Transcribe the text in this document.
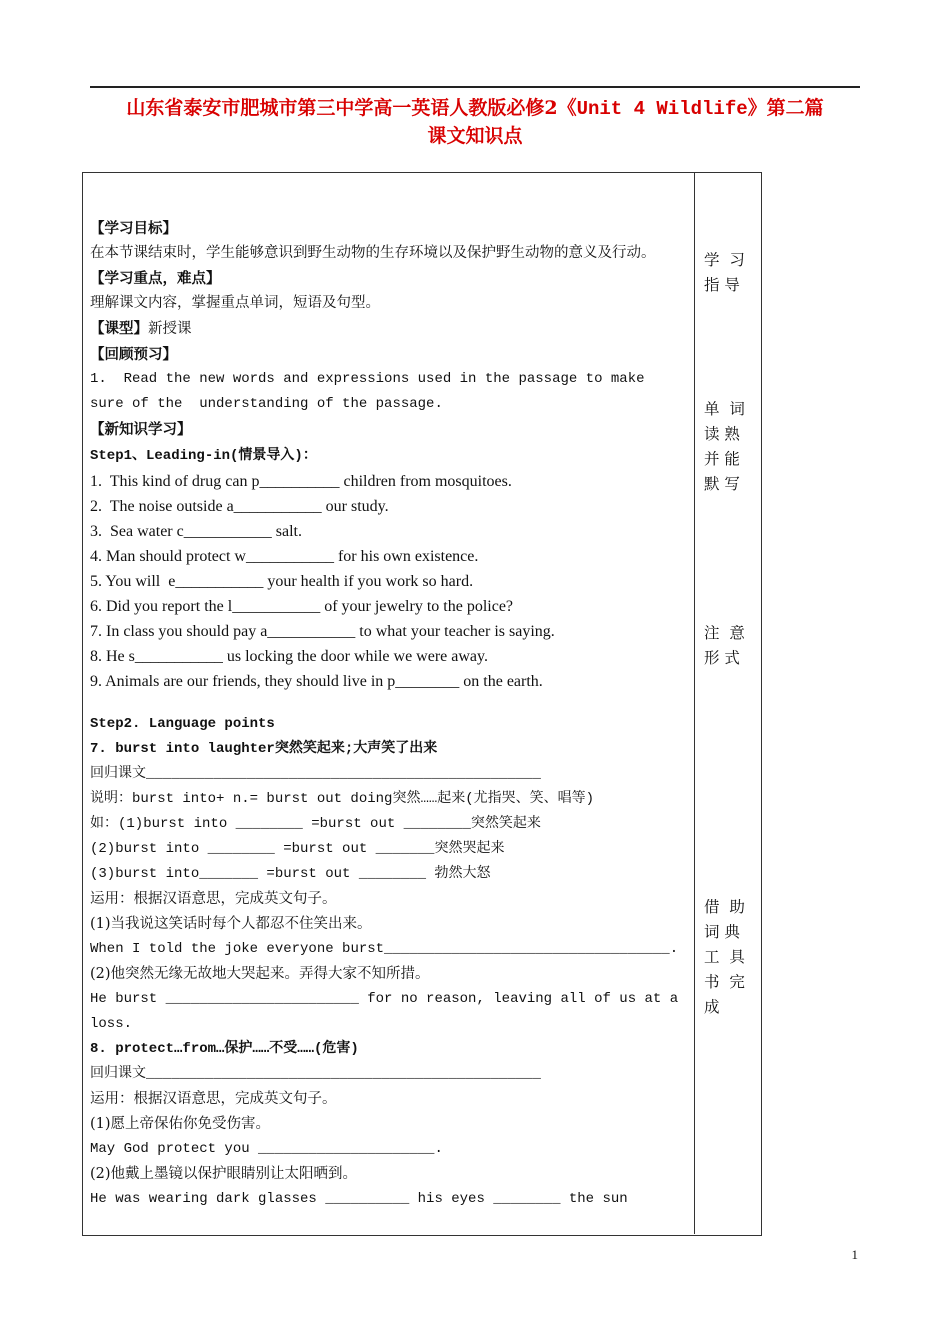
山东省泰安市肥城市第三中学高一英语人教版必修2《Unit 4 Wildlife》第二篇
课文知识点
【学习目标】
在本节课结束时，学生能够意识到野生动物的生存环境以及保护野生动物的意义及行动。
【学习重点，难点】
理解课文内容，掌握重点单词，短语及句型。
【课型】新授课
【回顾预习】
1.  Read the new words and expressions used in the passage to make
sure of the  understanding of the passage.
【新知识学习】
Step1、Leading-in(情景导入)：
1.  This kind of drug can p__________ children from mosquitoes.
2.  The noise outside a___________ our study.
3.  Sea water c___________ salt.
4. Man should protect w___________ for his own existence.
5. You will  e___________ your health if you work so hard.
6. Did you report the l___________ of your jewelry to the police?
7. In class you should pay a___________ to what your teacher is saying.
8. He s___________ us locking the door while we were away.
9. Animals are our friends, they should live in p________ on the earth.
Step2. Language points
7. burst into laughter突然笑起来;大声笑了出来
回归课文_______________________________________________
说明：burst into+ n.= burst out doing突然……起来(尤指哭、笑、唱等)
如：(1)burst into ________ =burst out ________突然笑起来
(2)burst into ________ =burst out _______突然哭起来
(3)burst into_______ =burst out ________ 勃然大怒
运用：根据汉语意思，完成英文句子。
(1)当我说这笑话时每个人都忍不住笑出来。
When I told the joke everyone burst__________________________________.
(2)他突然无缘无故地大哭起来。弄得大家不知所措。
He burst _______________________ for no reason, leaving all of us at a
loss.
8. protect…from…保护……不受……(危害)
回归课文_______________________________________________
运用：根据汉语意思，完成英文句子。
(1)愿上帝保佑你免受伤害。
May God protect you _____________________.
(2)他戴上墨镜以保护眼睛别让太阳晒到。
He was wearing dark glasses __________ his eyes ________ the sun
学  习
指 导
单  词
读 熟
并 能
默 写
注  意
形 式
借  助
词 典
工  具
书  完
成
1
